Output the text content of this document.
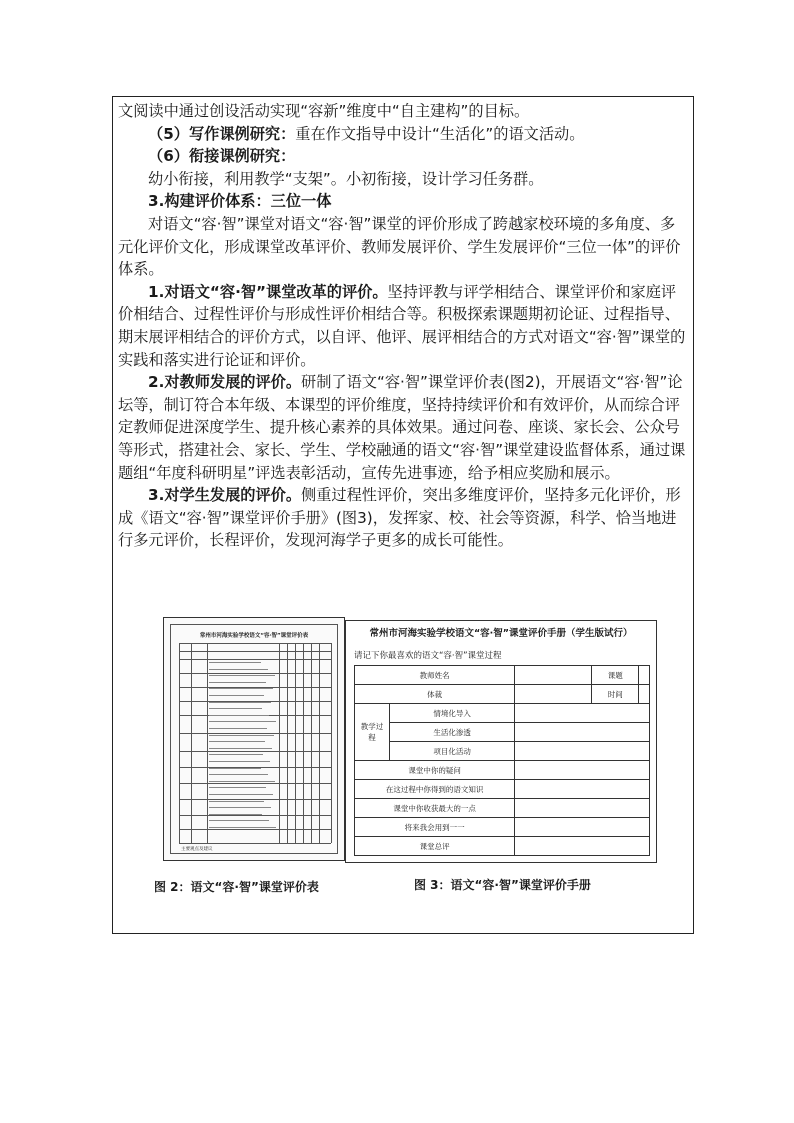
文阅读中通过创设活动实现“容新”维度中“自主建构”的目标。

（5）写作课例研究：重在作文指导中设计“生活化”的语文活动。

（6）衔接课例研究：

幼小衔接，利用教学“支架”。小初衔接，设计学习任务群。

3.构建评价体系：三位一体

对语文“容·智”课堂对语文“容·智”课堂的评价形成了跨越家校环境的多角度、多元化评价文化，形成课堂改革评价、教师发展评价、学生发展评价“三位一体”的评价体系。

1.对语文“容·智”课堂改革的评价。坚持评教与评学相结合、课堂评价和家庭评价相结合、过程性评价与形成性评价相结合等。积极探索课题期初论证、过程指导、期末展评相结合的评价方式，以自评、他评、展评相结合的方式对语文“容·智”课堂的实践和落实进行论证和评价。

2.对教师发展的评价。研制了语文“容·智”课堂评价表(图2)，开展语文“容·智”论坛等，制订符合本年级、本课型的评价维度，坚持持续评价和有效评价，从而综合评定教师促进深度学生、提升核心素养的具体效果。通过问卷、座谈、家长会、公众号等形式，搭建社会、家长、学生、学校融通的语文“容·智”课堂建设监督体系，通过课题组“年度科研明星”评选表彰活动，宣传先进事迹，给予相应奖励和展示。

3.对学生发展的评价。侧重过程性评价，突出多维度评价，坚持多元化评价，形成《语文“容·智”课堂评价手册》(图3)，发挥家、校、社会等资源，科学、恰当地进行多元评价，长程评价，发现河海学子更多的成长可能性。

常州市河海实验学校语文“容·智”课堂评价表
主要观点及建议
常州市河海实验学校语文“容·智”课堂评价手册（学生版试行）
请记下你最喜欢的语文“容·智”课堂过程
教师姓名			课题	
体裁			时间	
教学过程	情境化导入			
	生活化渗透			
	项目化活动			
课堂中你的疑问				
在这过程中你得到的语文知识				
课堂中你收获最大的一点				
将来我会用到一一				
课堂总评				
图 2：语文“容·智”课堂评价表	图 3：语文“容·智”课堂评价手册
